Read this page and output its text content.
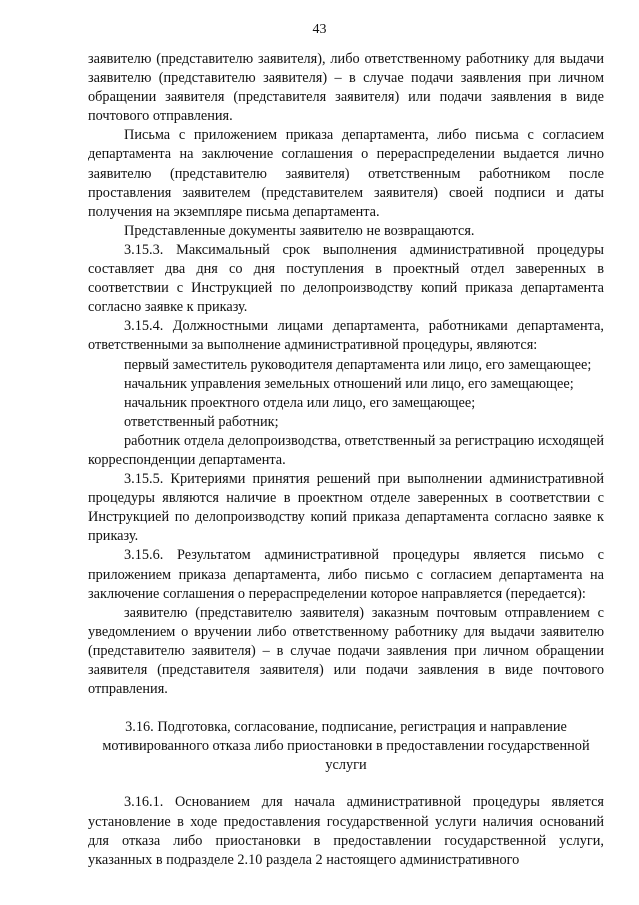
43

заявителю (представителю заявителя), либо ответственному работнику для выдачи заявителю (представителю заявителя) – в случае подачи заявления при личном обращении заявителя (представителя заявителя) или подачи заявления в виде почтового отправления.

Письма с приложением приказа департамента, либо письма с согласием департамента на заключение соглашения о перераспределении выдается лично заявителю (представителю заявителя) ответственным работником после проставления заявителем (представителем заявителя) своей подписи и даты получения на экземпляре письма департамента.

Представленные документы заявителю не возвращаются.

3.15.3. Максимальный срок выполнения административной процедуры составляет два дня со дня поступления в проектный отдел заверенных в соответствии с Инструкцией по делопроизводству копий приказа департамента согласно заявке к приказу.

3.15.4. Должностными лицами департамента, работниками департамента, ответственными за выполнение административной процедуры, являются:

первый заместитель руководителя департамента или лицо, его замещающее;

начальник управления земельных отношений или лицо, его замещающее;

начальник проектного отдела или лицо, его замещающее;

ответственный работник;

работник отдела делопроизводства, ответственный за регистрацию исходящей корреспонденции департамента.

3.15.5. Критериями принятия решений при выполнении административной процедуры являются наличие в проектном отделе заверенных в соответствии с Инструкцией по делопроизводству копий приказа департамента согласно заявке к приказу.

3.15.6. Результатом административной процедуры является письмо с приложением приказа департамента, либо письмо с согласием департамента на заключение соглашения о перераспределении которое направляется (передается):

заявителю (представителю заявителя) заказным почтовым отправлением с уведомлением о вручении либо ответственному работнику для выдачи заявителю (представителю заявителя) – в случае подачи заявления при личном обращении заявителя (представителя заявителя) или подачи заявления в виде почтового отправления.

3.16. Подготовка, согласование, подписание, регистрация и направление
мотивированного отказа либо приостановки в предоставлении государственной
услуги

3.16.1. Основанием для начала административной процедуры является установление в ходе предоставления государственной услуги наличия оснований для отказа либо приостановки в предоставлении государственной услуги, указанных в подразделе 2.10 раздела 2 настоящего административного
